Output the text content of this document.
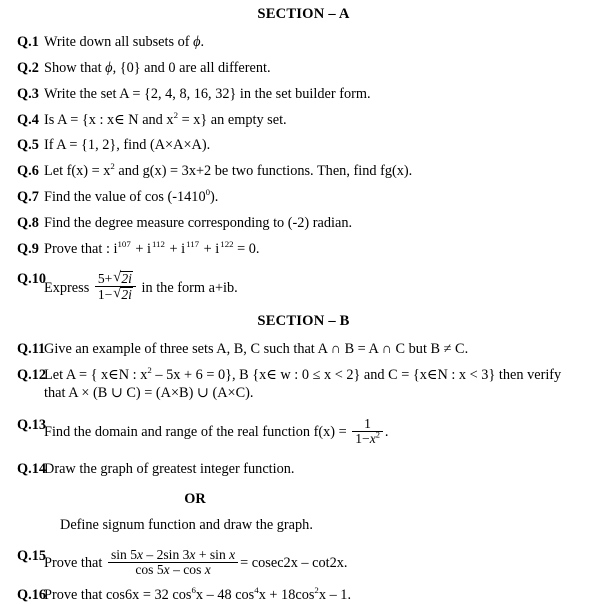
SECTION – A
Q.1 Write down all subsets of ϕ.

Q.2 Show that ϕ, {0} and 0 are all different.

Q.3 Write the set A = {2, 4, 8, 16, 32} in the set builder form.

Q.4 Is A = {x : x∈ N and $x^2 = x$} an empty set.

Q.5 If A = {1, 2}, find (A×A×A).

Q.6 Let $f(x) = x^2$ and g(x) = 3x+2 be two functions. Then, find fg(x).

Q.7 Find the value of cos (-1410$^0$).

Q.8 Find the degree measure corresponding to (-2) radian.

Q.9 Prove that : $i^{107} + i^{112} + i^{117} + i^{122} = 0$.

Q.10

Express $\frac{5+ √ 2i}{1- √ 2i}$ in the form a+ib.

SECTION – B
Q.11

Give an example of three sets A, B, C such that A ∩ B = A ∩ C but B ≠ C.

Q.12

Let A = { x∈N : $x^2 - 5x + 6 = 0$}, B {x∈ w : 0 ≤ x < 2} and C = {x∈N : x < 3} then verify

that A × (B ∪ C) = (A×B) ∪ (A×C).

Q.13

Find the domain and range of the real function $f(x) = \frac{1}{1-x^2}$ .

Q.14

Draw the graph of greatest integer function.

OR
Define signum function and draw the graph.
Q.15

Prove that $\frac{\text{sin 5x – 2sin 3x + sin x}}{\text{cos 5x – cos x}} = cosec2x - \cot 2x$.

Q.16

Prove that cos6x = 32 $\cos^6x - 48$ $\cos^4x + 18\cos^2x - 1$.
